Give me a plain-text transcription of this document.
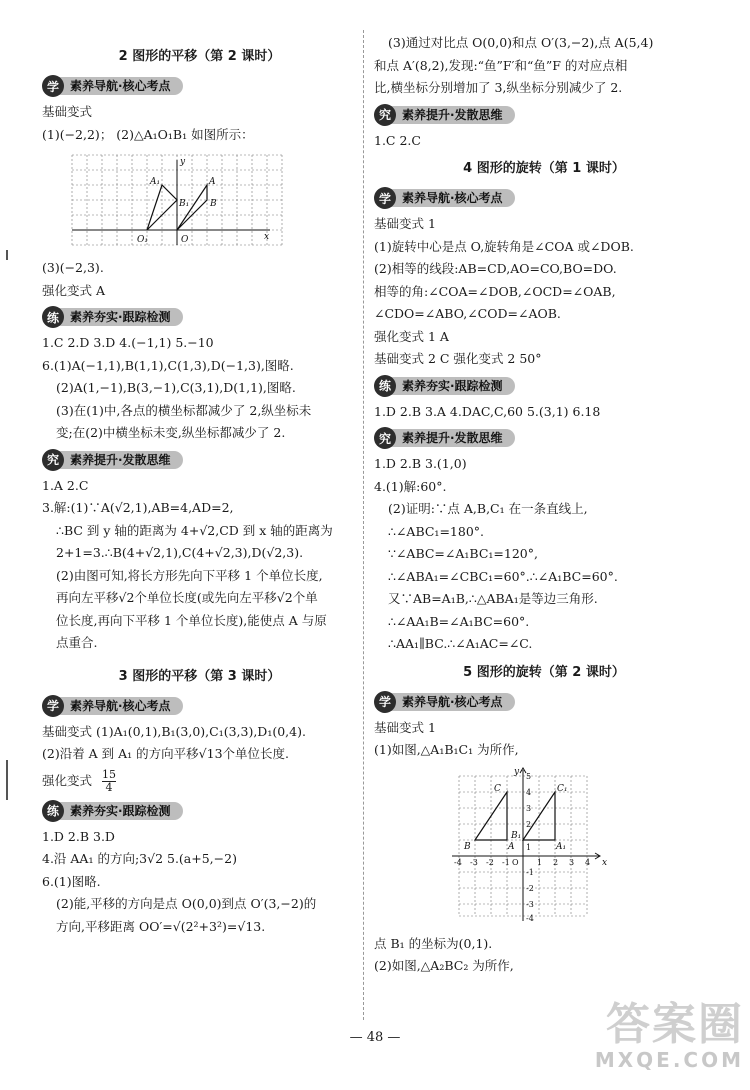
2 图形的平移（第 2 课时）
学 素养导航·核心考点
基础变式
(1)(−2,2)； (2)△A₁O₁B₁ 如图所示：
y
x
A₁
B₁
O₁	O
A
B
(3)(−2,3).
强化变式 A
练 素养夯实·跟踪检测
1.C 2.D 3.D 4.(−1,1) 5.−10
6.(1)A(−1,1),B(1,1),C(1,3),D(−1,3),图略.
(2)A(1,−1),B(3,−1),C(3,1),D(1,1),图略.
(3)在(1)中,各点的横坐标都减少了 2,纵坐标未
变;在(2)中横坐标未变,纵坐标都减少了 2.
究 素养提升·发散思维
1.A 2.C
3.解:(1)∵A(√2,1),AB=4,AD=2,
∴BC 到 y 轴的距离为 4+√2,CD 到 x 轴的距离为
2+1=3.∴B(4+√2,1),C(4+√2,3),D(√2,3).
(2)由图可知,将长方形先向下平移 1 个单位长度,
再向左平移√2个单位长度(或先向左平移√2个单
位长度,再向下平移 1 个单位长度),能使点 A 与原
点重合.
3 图形的平移（第 3 课时）
学 素养导航·核心考点
基础变式 (1)A₁(0,1),B₁(3,0),C₁(3,3),D₁(0,4).
(2)沿着 A 到 A₁ 的方向平移√13个单位长度.
强化变式 $\frac{15}{4}$
练 素养夯实·跟踪检测
1.D 2.B 3.D
4.沿 AA₁ 的方向;3√2 5.(a+5,−2)
6.(1)图略.
(2)能,平移的方向是点 O(0,0)到点 O′(3,−2)的
方向,平移距离 OO′=√(2²+3²)=√13.
(3)通过对比点 O(0,0)和点 O′(3,−2),点 A(5,4)
和点 A′(8,2),发现:“鱼”F′和“鱼”F 的对应点相
比,横坐标分别增加了 3,纵坐标分别减少了 2.
究 素养提升·发散思维
1.C 2.C
4 图形的旋转（第 1 课时）
学 素养导航·核心考点
基础变式 1
(1)旋转中心是点 O,旋转角是∠COA 或∠DOB.
(2)相等的线段:AB=CD,AO=CO,BO=DO.
相等的角:∠COA=∠DOB,∠OCD=∠OAB,
∠CDO=∠ABO,∠COD=∠AOB.
强化变式 1 A
基础变式 2 C 强化变式 2 50°
练 素养夯实·跟踪检测
1.D 2.B 3.A 4.DAC,C,60 5.(3,1) 6.18
究 素养提升·发散思维
1.D 2.B 3.(1,0)
4.(1)解:60°.
(2)证明:∵点 A,B,C₁ 在一条直线上,
∴∠ABC₁=180°.
∵∠ABC=∠A₁BC₁=120°,
∴∠ABA₁=∠CBC₁=60°.∴∠A₁BC=60°.
又∵AB=A₁B,∴△ABA₁是等边三角形.
∴∠AA₁B=∠A₁BC=60°.
∴AA₁∥BC.∴∠A₁AC=∠C.
5 图形的旋转（第 2 课时）
学 素养导航·核心考点
基础变式 1
(1)如图,△A₁B₁C₁ 为所作,
-4 -3 -2 -1	1 2 3 4
5
4
3
2
1
-1
-2
-3
-4
O
y
x
C	C₁
B	A
B₁
A₁
点 B₁ 的坐标为(0,1).
(2)如图,△A₂BC₂ 为所作,
— 48 —	答案圈
MXQE.COM
